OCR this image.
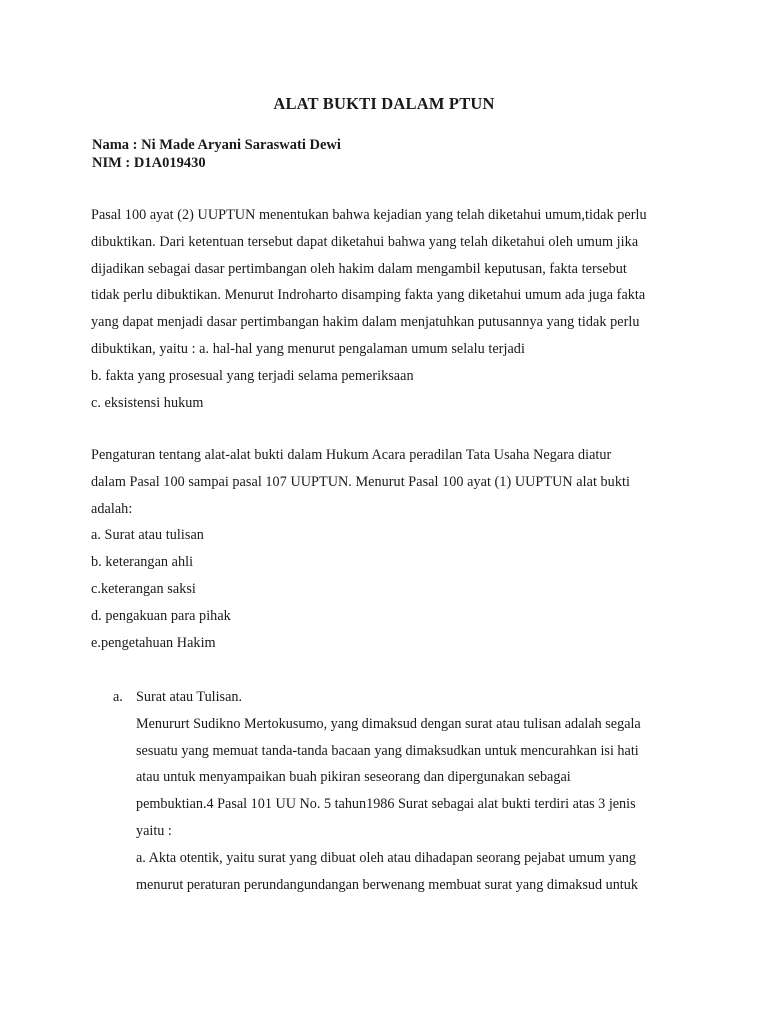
ALAT BUKTI DALAM PTUN
Nama : Ni Made Aryani Saraswati Dewi
NIM : D1A019430
Pasal 100 ayat (2) UUPTUN menentukan bahwa kejadian yang telah diketahui umum,tidak perlu
dibuktikan. Dari ketentuan tersebut dapat diketahui bahwa yang telah diketahui oleh umum jika
dijadikan sebagai dasar pertimbangan oleh hakim dalam mengambil keputusan, fakta tersebut
tidak perlu dibuktikan. Menurut Indroharto disamping fakta yang diketahui umum ada juga fakta
yang dapat menjadi dasar pertimbangan hakim dalam menjatuhkan putusannya yang tidak perlu
dibuktikan, yaitu : a. hal-hal yang menurut pengalaman umum selalu terjadi
b. fakta yang prosesual yang terjadi selama pemeriksaan
c. eksistensi hukum
Pengaturan tentang alat-alat bukti dalam Hukum Acara peradilan Tata Usaha Negara diatur
dalam Pasal 100 sampai pasal 107 UUPTUN. Menurut Pasal 100 ayat (1) UUPTUN alat bukti
adalah:
a. Surat atau tulisan
b. keterangan ahli
c.keterangan saksi
d. pengakuan para pihak
e.pengetahuan Hakim
a. Surat atau Tulisan.
Menururt Sudikno Mertokusumo, yang dimaksud dengan surat atau tulisan adalah segala
sesuatu yang memuat tanda-tanda bacaan yang dimaksudkan untuk mencurahkan isi hati
atau untuk menyampaikan buah pikiran seseorang dan dipergunakan sebagai
pembuktian.4 Pasal 101 UU No. 5 tahun1986 Surat sebagai alat bukti terdiri atas 3 jenis
yaitu :
a. Akta otentik, yaitu surat yang dibuat oleh atau dihadapan seorang pejabat umum yang
menurut peraturan perundangundangan berwenang membuat surat yang dimaksud untuk
